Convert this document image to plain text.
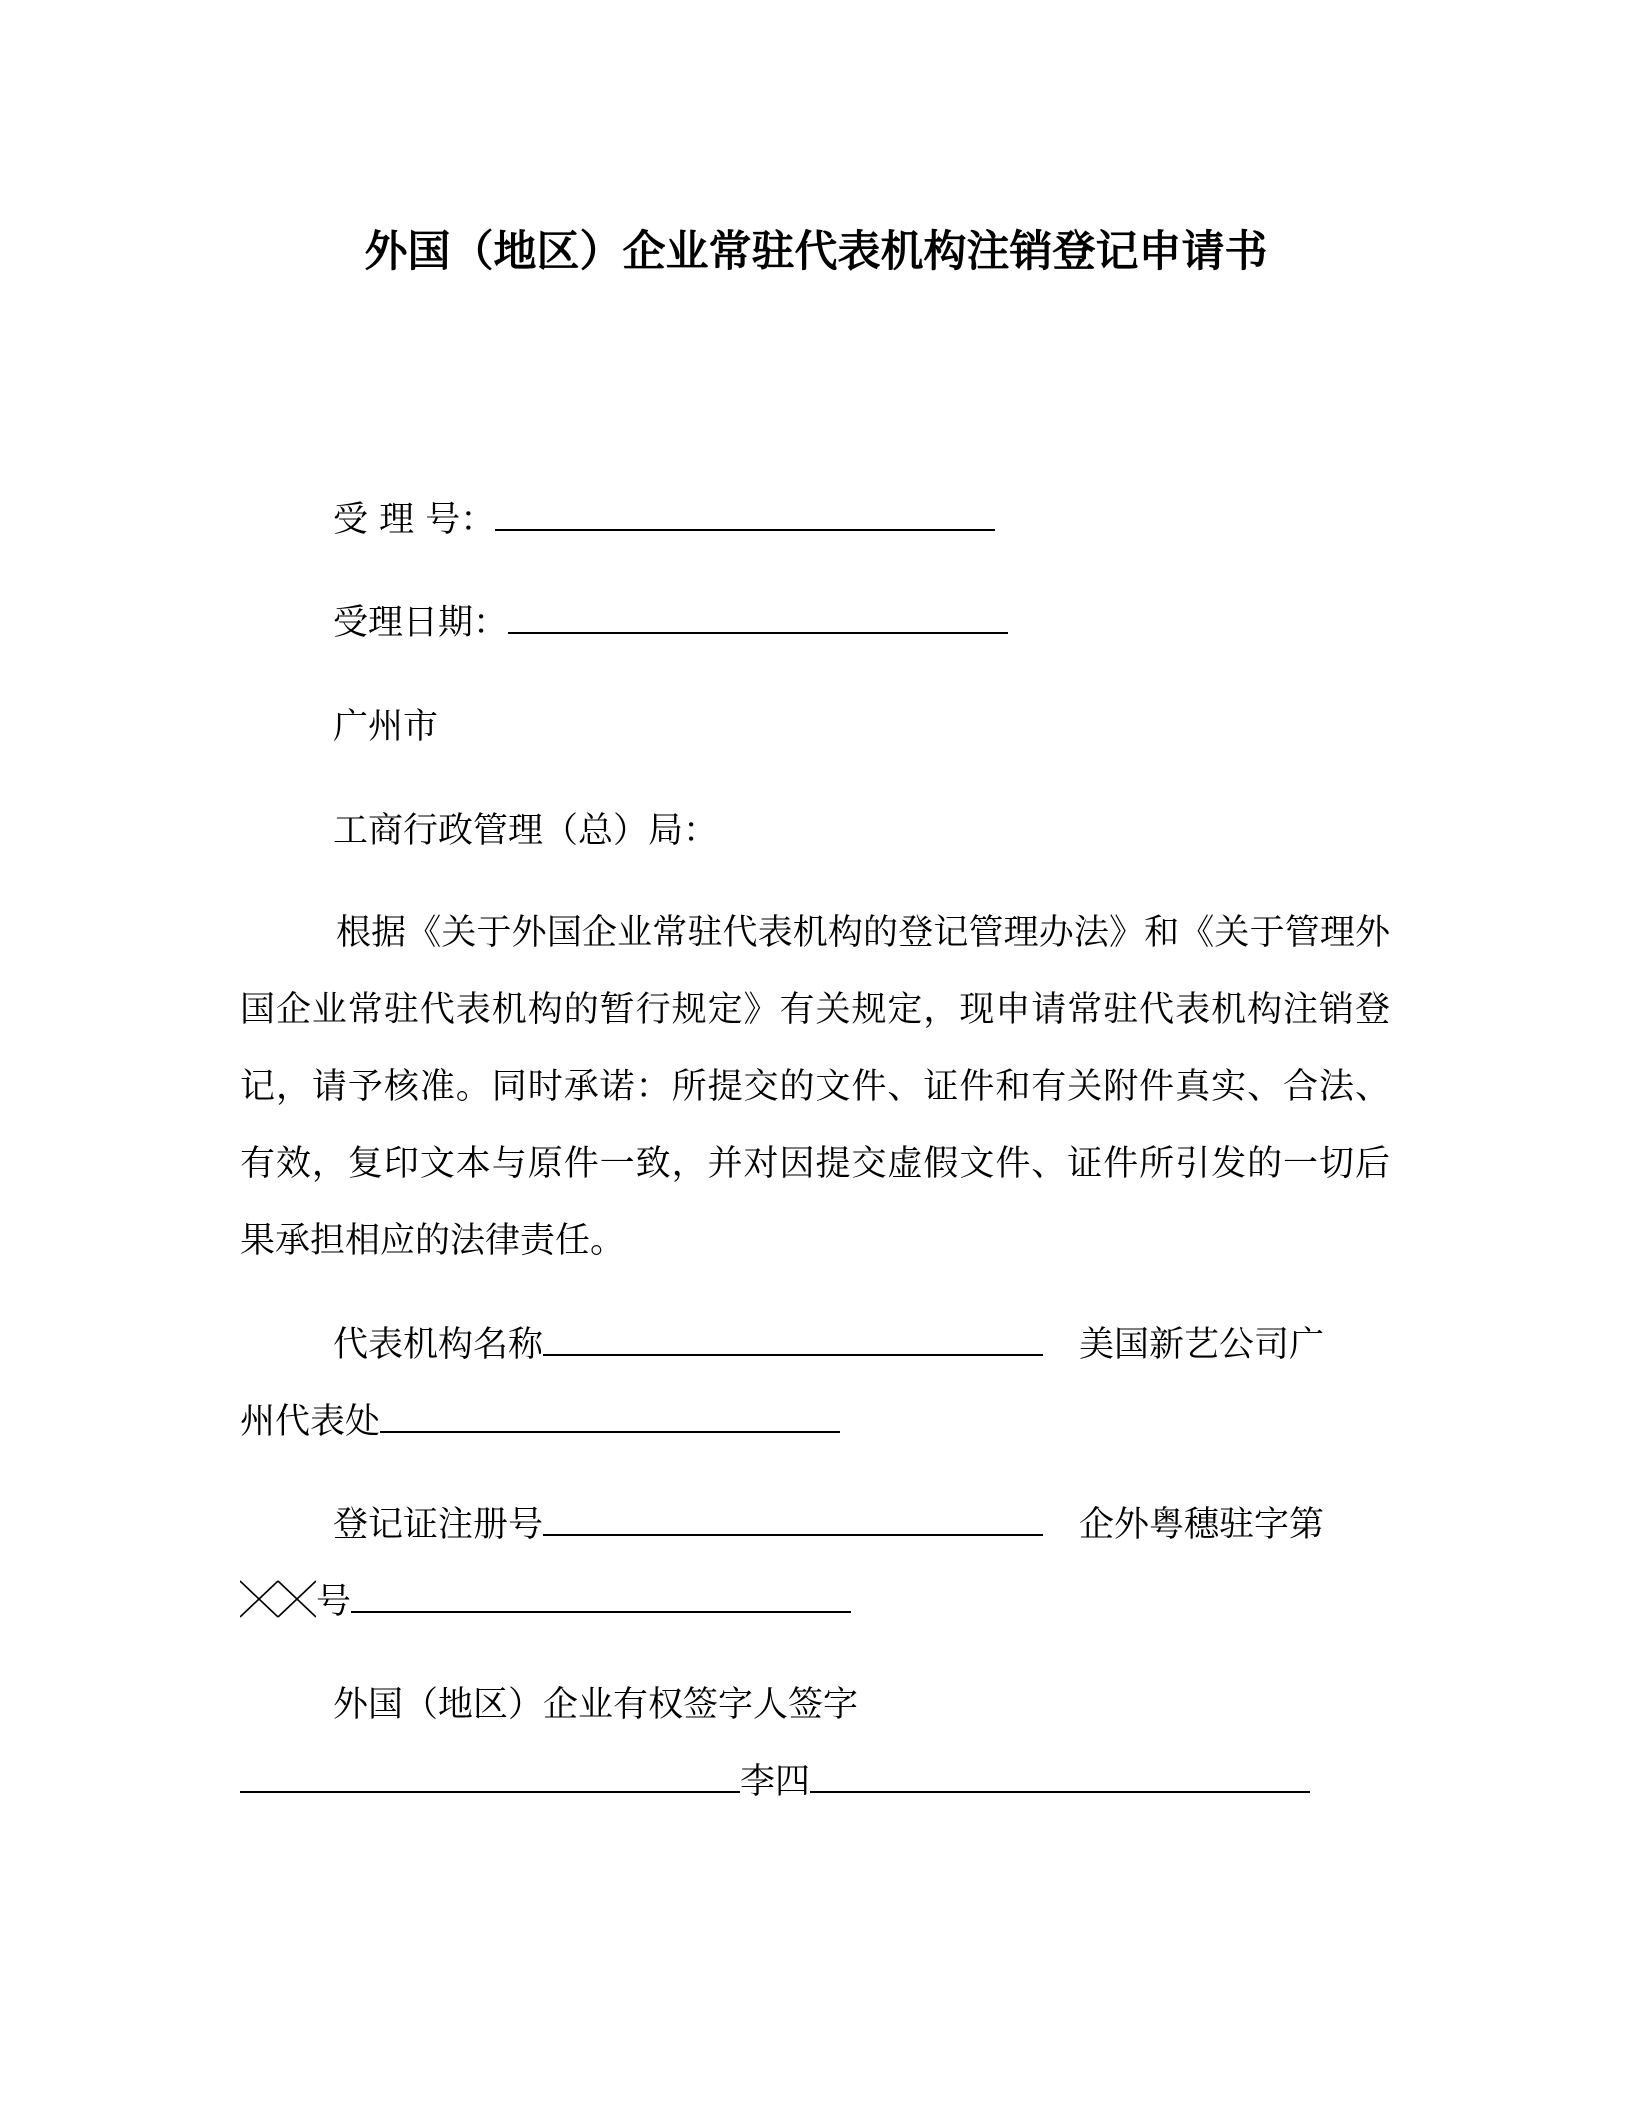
外国（地区）企业常驻代表机构注销登记申请书
受 理 号：
受理日期：
广州市
工商行政管理（总）局：
根据《关于外国企业常驻代表机构的登记管理办法》和《关于管理外国企业常驻代表机构的暂行规定》有关规定，现申请常驻代表机构注销登记，请予核准。同时承诺：所提交的文件、证件和有关附件真实、合法、有效，复印文本与原件一致，并对因提交虚假文件、证件所引发的一切后果承担相应的法律责任。
代表机构名称	美国新艺公司广
州代表处
登记证注册号	企外粤穗驻字第
号
外国（地区）企业有权签字人签字
李四
